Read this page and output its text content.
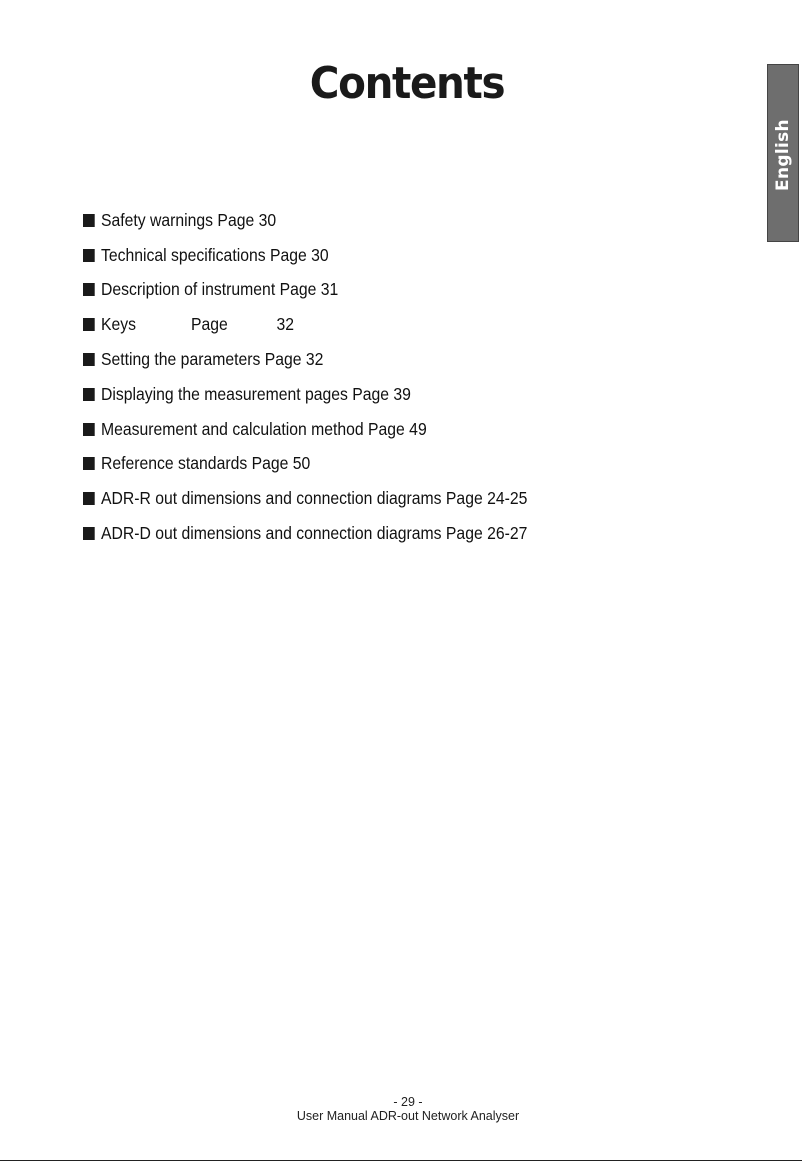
Contents
English
Safety warnings Page 30
Technical specifications Page 30
Description of instrument Page 31
Keys	Page	32
Setting the parameters Page 32
Displaying the measurement pages Page 39
Measurement and calculation method Page 49
Reference standards Page 50
ADR-R out dimensions and connection diagrams Page 24-25
ADR-D out dimensions and connection diagrams Page 26-27
- 29 -
User Manual ADR-out Network Analyser
